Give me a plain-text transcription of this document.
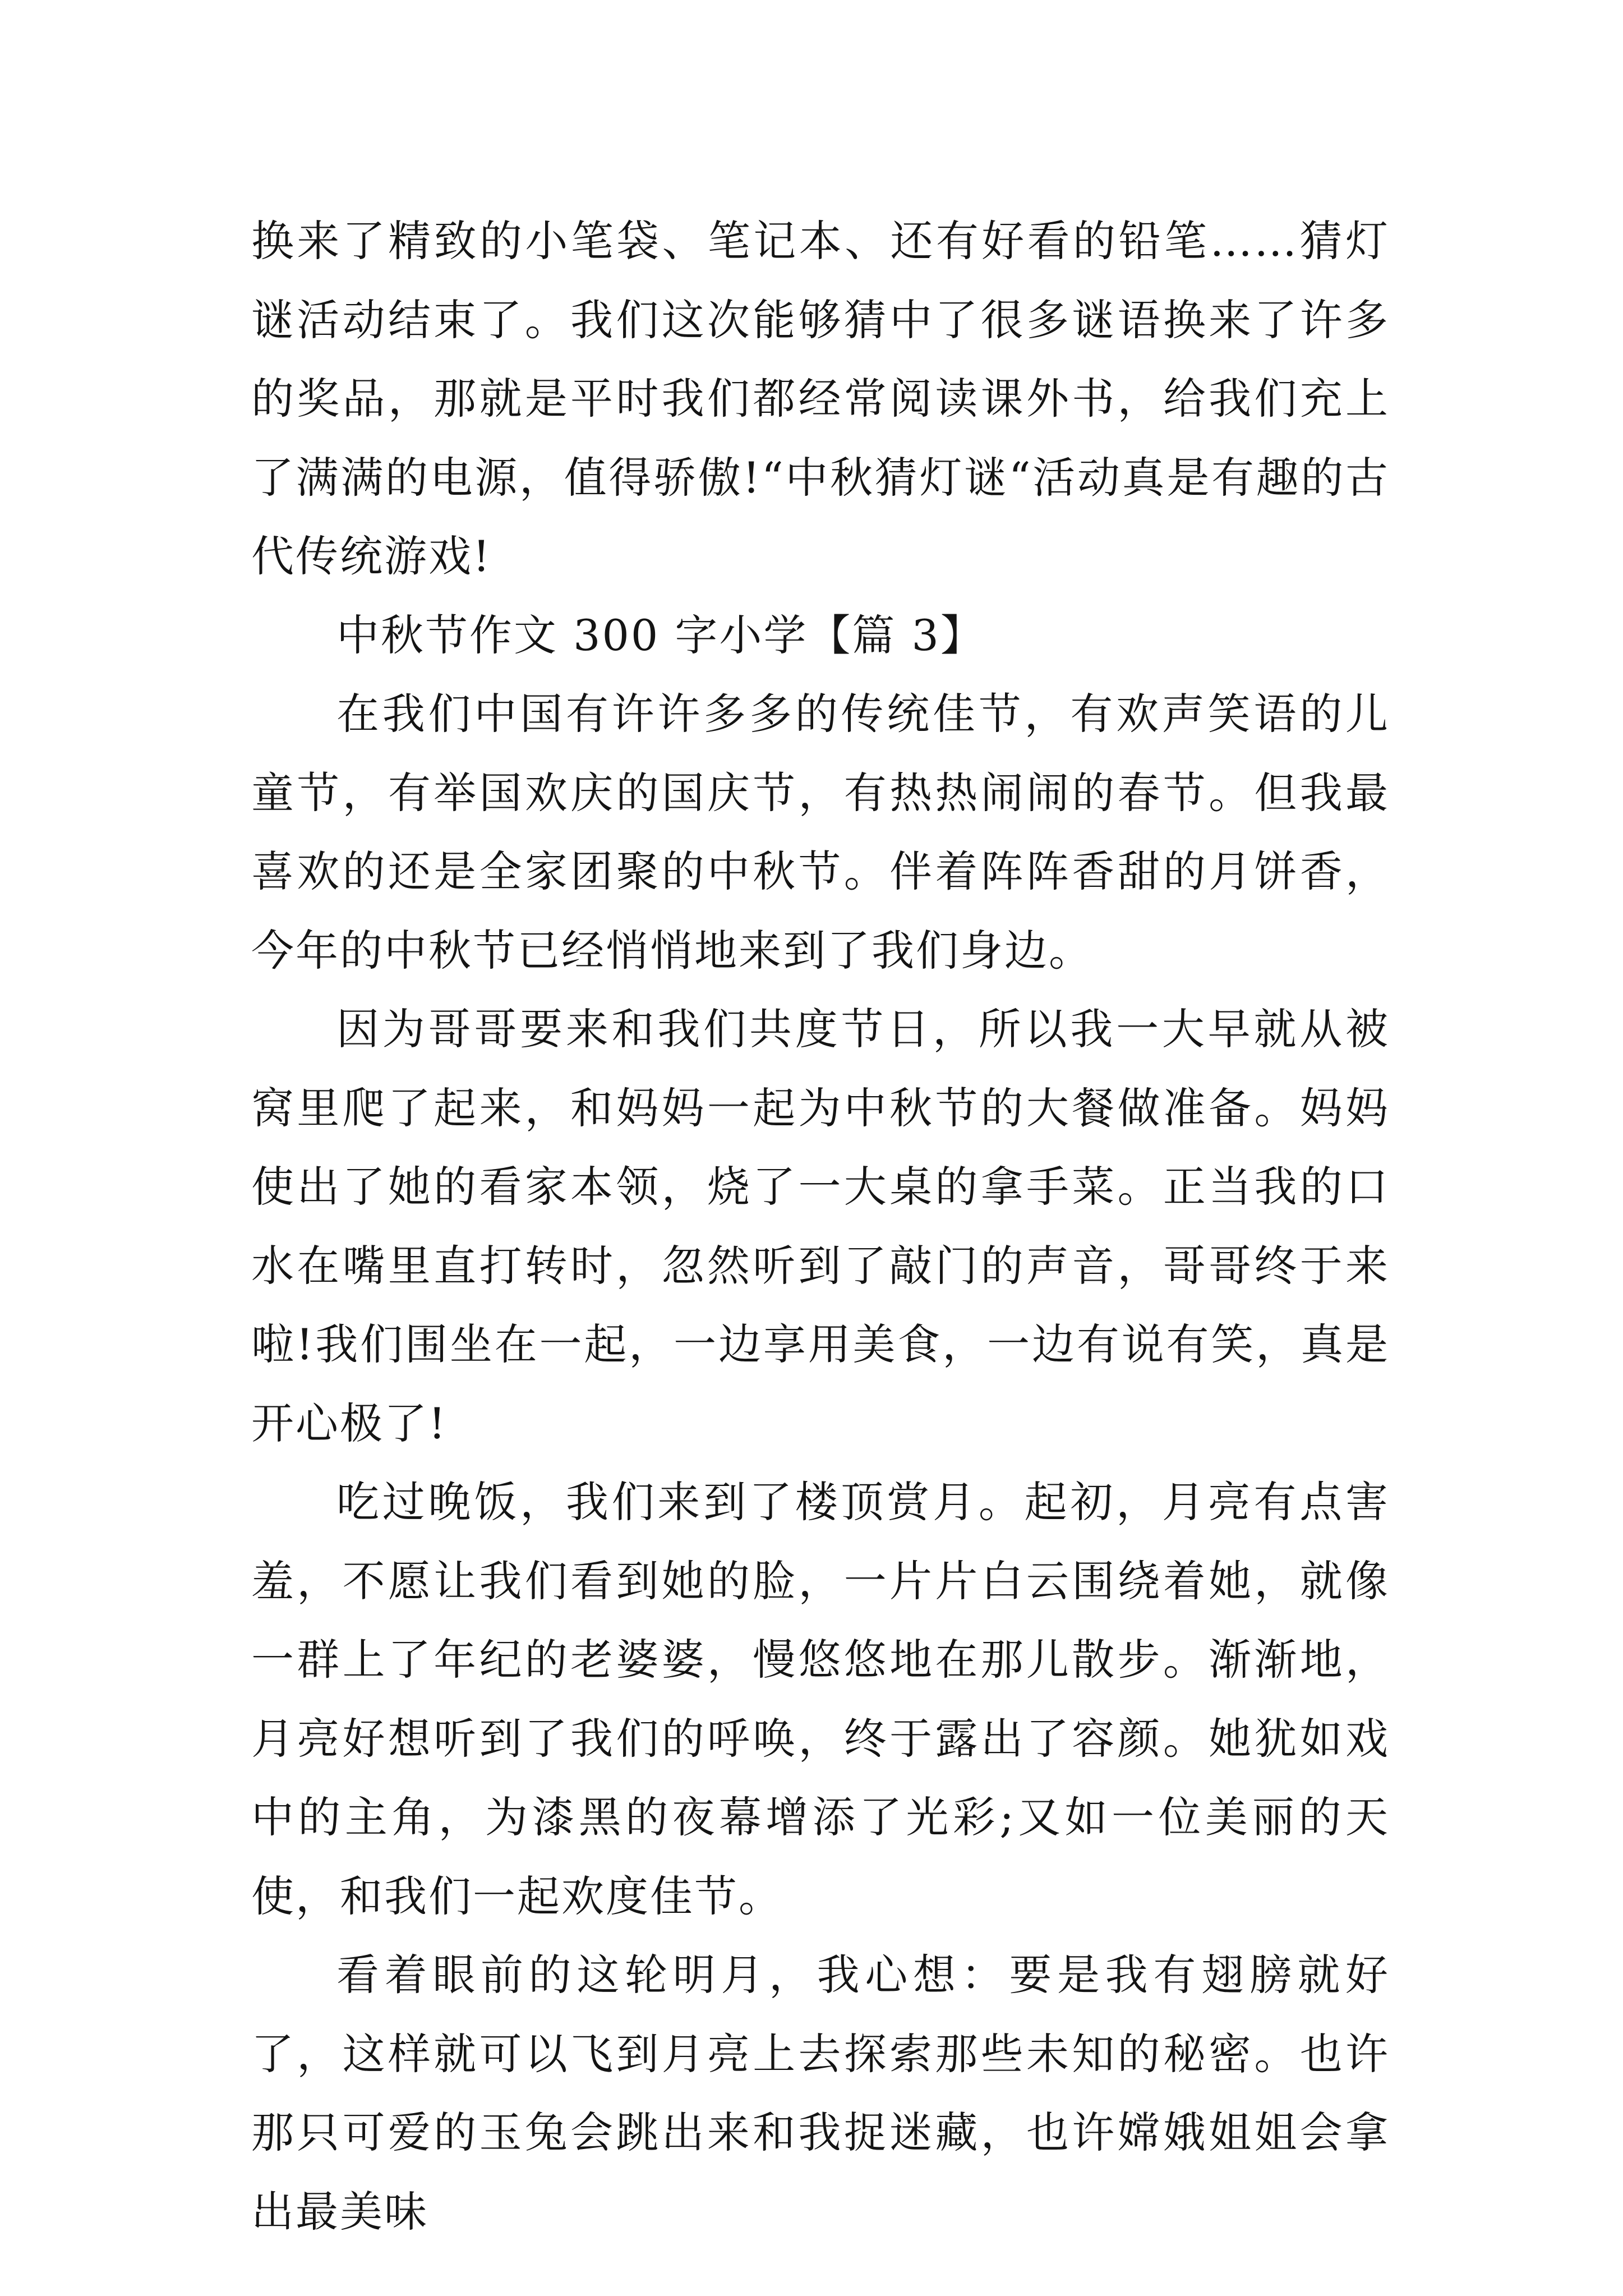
换来了精致的小笔袋、笔记本、还有好看的铅笔……猜灯谜活动结束了。我们这次能够猜中了很多谜语换来了许多的奖品，那就是平时我们都经常阅读课外书，给我们充上了满满的电源，值得骄傲!“中秋猜灯谜“活动真是有趣的古代传统游戏!

中秋节作文 300 字小学【篇 3】

在我们中国有许许多多的传统佳节，有欢声笑语的儿童节，有举国欢庆的国庆节，有热热闹闹的春节。但我最喜欢的还是全家团聚的中秋节。伴着阵阵香甜的月饼香，今年的中秋节已经悄悄地来到了我们身边。

因为哥哥要来和我们共度节日，所以我一大早就从被窝里爬了起来，和妈妈一起为中秋节的大餐做准备。妈妈使出了她的看家本领，烧了一大桌的拿手菜。正当我的口水在嘴里直打转时，忽然听到了敲门的声音，哥哥终于来啦!我们围坐在一起，一边享用美食，一边有说有笑，真是开心极了!

吃过晚饭，我们来到了楼顶赏月。起初，月亮有点害羞，不愿让我们看到她的脸，一片片白云围绕着她，就像一群上了年纪的老婆婆，慢悠悠地在那儿散步。渐渐地，月亮好想听到了我们的呼唤，终于露出了容颜。她犹如戏中的主角，为漆黑的夜幕增添了光彩;又如一位美丽的天使，和我们一起欢度佳节。

看着眼前的这轮明月，我心想：要是我有翅膀就好了，这样就可以飞到月亮上去探索那些未知的秘密。也许那只可爱的玉兔会跳出来和我捉迷藏，也许嫦娥姐姐会拿出最美味
